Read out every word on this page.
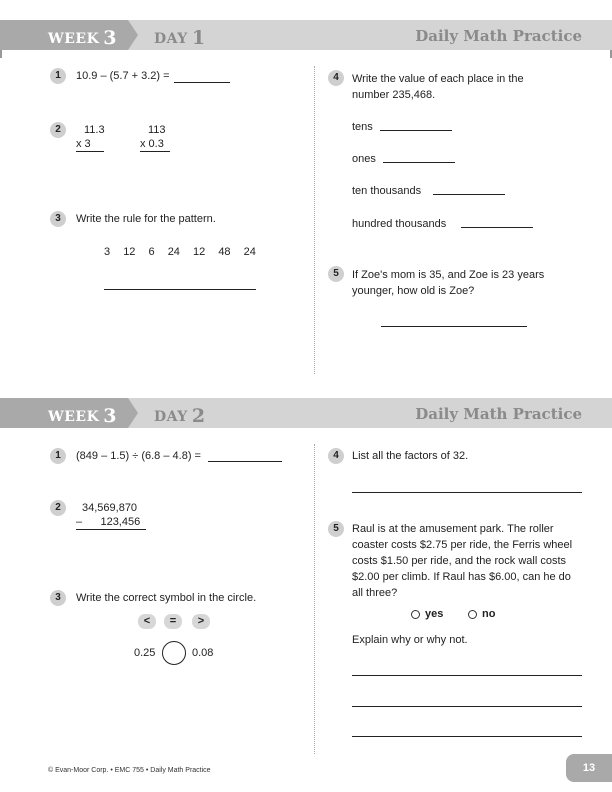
WEEK 3	DAY 1	Daily Math Practice
1	10.9 – (5.7 + 3.2) =
2	11.3
x 3
113
x 0.3
3	Write the rule for the pattern.
3 12 6 24 12 48 24
4	Write the value of each place in the number 235,468.
tens
ones
ten thousands
hundred thousands
5	If Zoe's mom is 35, and Zoe is 23 years younger, how old is Zoe?
WEEK 3	DAY 2	Daily Math Practice
1	(849 – 1.5) ÷ (6.8 – 4.8) =
2	34,569,870
–      123,456
3	Write the correct symbol in the circle.
<	=	>
0.25	0.08
4	List all the factors of 32.
5	Raul is at the amusement park. The roller coaster costs $2.75 per ride, the Ferris wheel costs $1.50 per ride, and the rock wall costs $2.00 per climb. If Raul has $6.00, can he do all three?
yes	no
Explain why or why not.
© Evan-Moor Corp. • EMC 755 • Daily Math Practice	13
